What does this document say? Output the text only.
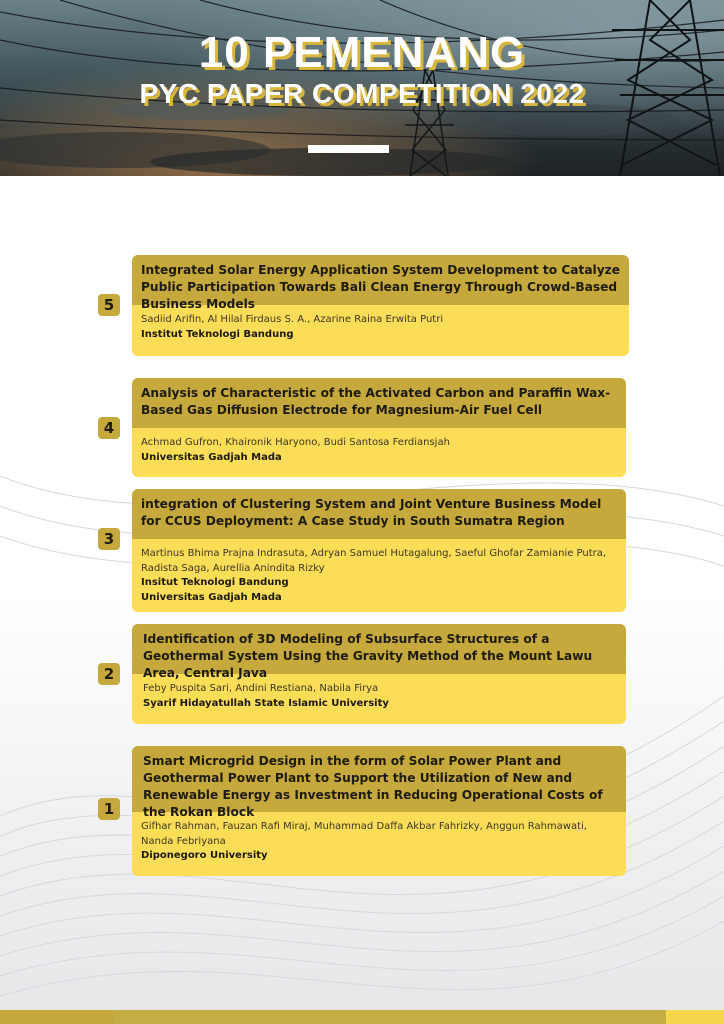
10 PEMENANG
PYC PAPER COMPETITION 2022
5
Integrated Solar Energy Application System Development to Catalyze Public Participation Towards Bali Clean Energy Through Crowd-Based Business Models
Sadiid Arifin, Al Hilal Firdaus S. A., Azarine Raina Erwita Putri
Institut Teknologi Bandung
4
Analysis of Characteristic of the Activated Carbon and Paraffin Wax-Based Gas Diffusion Electrode for Magnesium-Air Fuel Cell
Achmad Gufron, Khaironik Haryono, Budi Santosa Ferdiansjah
Universitas Gadjah Mada
3
integration of Clustering System and Joint Venture Business Model for CCUS Deployment: A Case Study in South Sumatra Region
Martinus Bhima Prajna Indrasuta, Adryan Samuel Hutagalung, Saeful Ghofar Zamianie Putra, Radista Saga, Aurellia Anindita Rizky
Insitut Teknologi Bandung
Universitas Gadjah Mada
2
Identification of 3D Modeling of Subsurface Structures of a Geothermal System Using the Gravity Method of the Mount Lawu Area, Central Java
Feby Puspita Sari, Andini Restiana, Nabila Firya
Syarif Hidayatullah State Islamic University
1
Smart Microgrid Design in the form of Solar Power Plant and Geothermal Power Plant to Support the Utilization of New and Renewable Energy as Investment in Reducing Operational Costs of the Rokan Block
Gifhar Rahman, Fauzan Rafi Miraj, Muhammad Daffa Akbar Fahrizky, Anggun Rahmawati, Nanda Febriyana
Diponegoro University
